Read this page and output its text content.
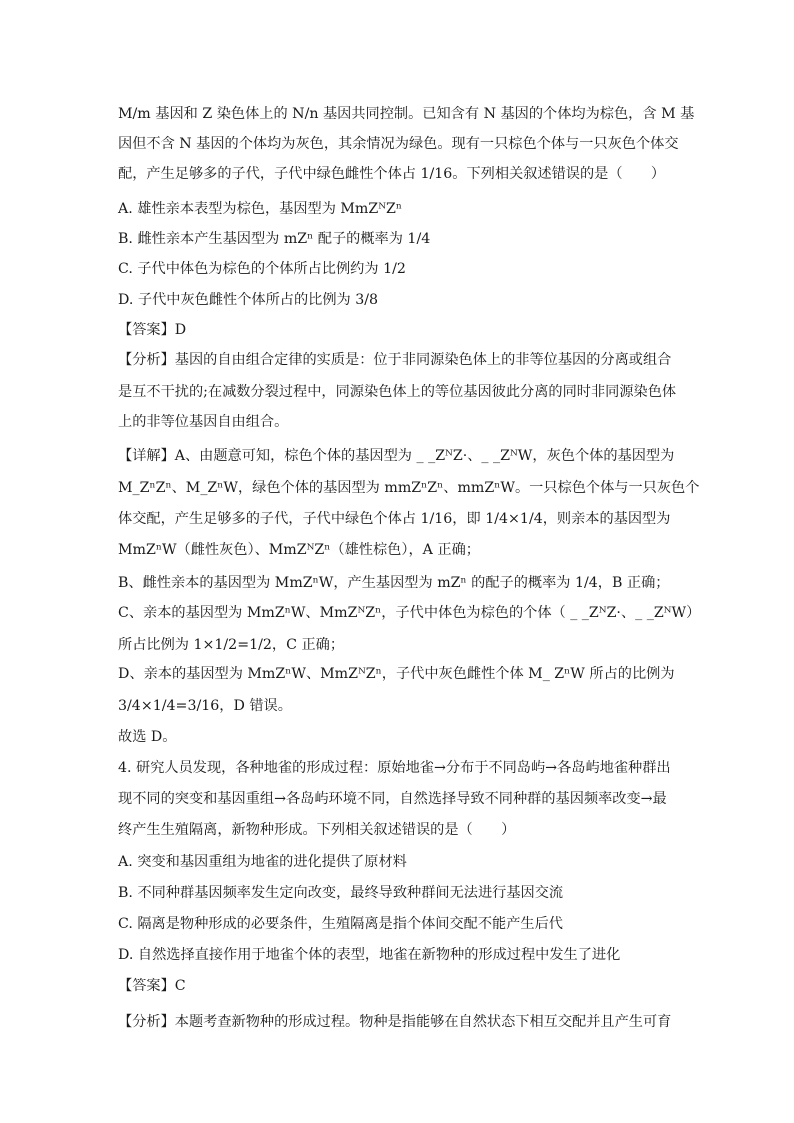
M/m 基因和 Z 染色体上的 N/n 基因共同控制。已知含有 N 基因的个体均为棕色，含 M 基
因但不含 N 基因的个体均为灰色，其余情况为绿色。现有一只棕色个体与一只灰色个体交
配，产生足够多的子代，子代中绿色雌性个体占 1/16。下列相关叙述错误的是（　　）
A. 雄性亲本表型为棕色，基因型为 MmZᴺZⁿ
B. 雌性亲本产生基因型为 mZⁿ 配子的概率为 1/4
C. 子代中体色为棕色的个体所占比例约为 1/2
D. 子代中灰色雌性个体所占的比例为 3/8
【答案】D
【分析】基因的自由组合定律的实质是：位于非同源染色体上的非等位基因的分离或组合
是互不干扰的;在减数分裂过程中，同源染色体上的等位基因彼此分离的同时非同源染色体
上的非等位基因自由组合。
【详解】A、由题意可知，棕色个体的基因型为 _ _ZᴺZ·、_ _ZᴺW，灰色个体的基因型为
M_ZⁿZⁿ、M_ZⁿW，绿色个体的基因型为 mmZⁿZⁿ、mmZⁿW。一只棕色个体与一只灰色个
体交配，产生足够多的子代，子代中绿色个体占 1/16，即 1/4×1/4，则亲本的基因型为
MmZⁿW（雌性灰色）、MmZᴺZⁿ（雄性棕色），A 正确；
B、雌性亲本的基因型为 MmZⁿW，产生基因型为 mZⁿ 的配子的概率为 1/4，B 正确；
C、亲本的基因型为 MmZⁿW、MmZᴺZⁿ，子代中体色为棕色的个体（ _ _ZᴺZ·、_ _ZᴺW）
所占比例为 1×1/2=1/2，C 正确；
D、亲本的基因型为 MmZⁿW、MmZᴺZⁿ，子代中灰色雌性个体 M_ ZⁿW 所占的比例为
3/4×1/4=3/16，D 错误。
故选 D。
4. 研究人员发现，各种地雀的形成过程：原始地雀→分布于不同岛屿→各岛屿地雀种群出
现不同的突变和基因重组→各岛屿环境不同，自然选择导致不同种群的基因频率改变→最
终产生生殖隔离，新物种形成。下列相关叙述错误的是（　　）
A. 突变和基因重组为地雀的进化提供了原材料
B. 不同种群基因频率发生定向改变，最终导致种群间无法进行基因交流
C. 隔离是物种形成的必要条件，生殖隔离是指个体间交配不能产生后代
D. 自然选择直接作用于地雀个体的表型，地雀在新物种的形成过程中发生了进化
【答案】C
【分析】本题考查新物种的形成过程。物种是指能够在自然状态下相互交配并且产生可育
